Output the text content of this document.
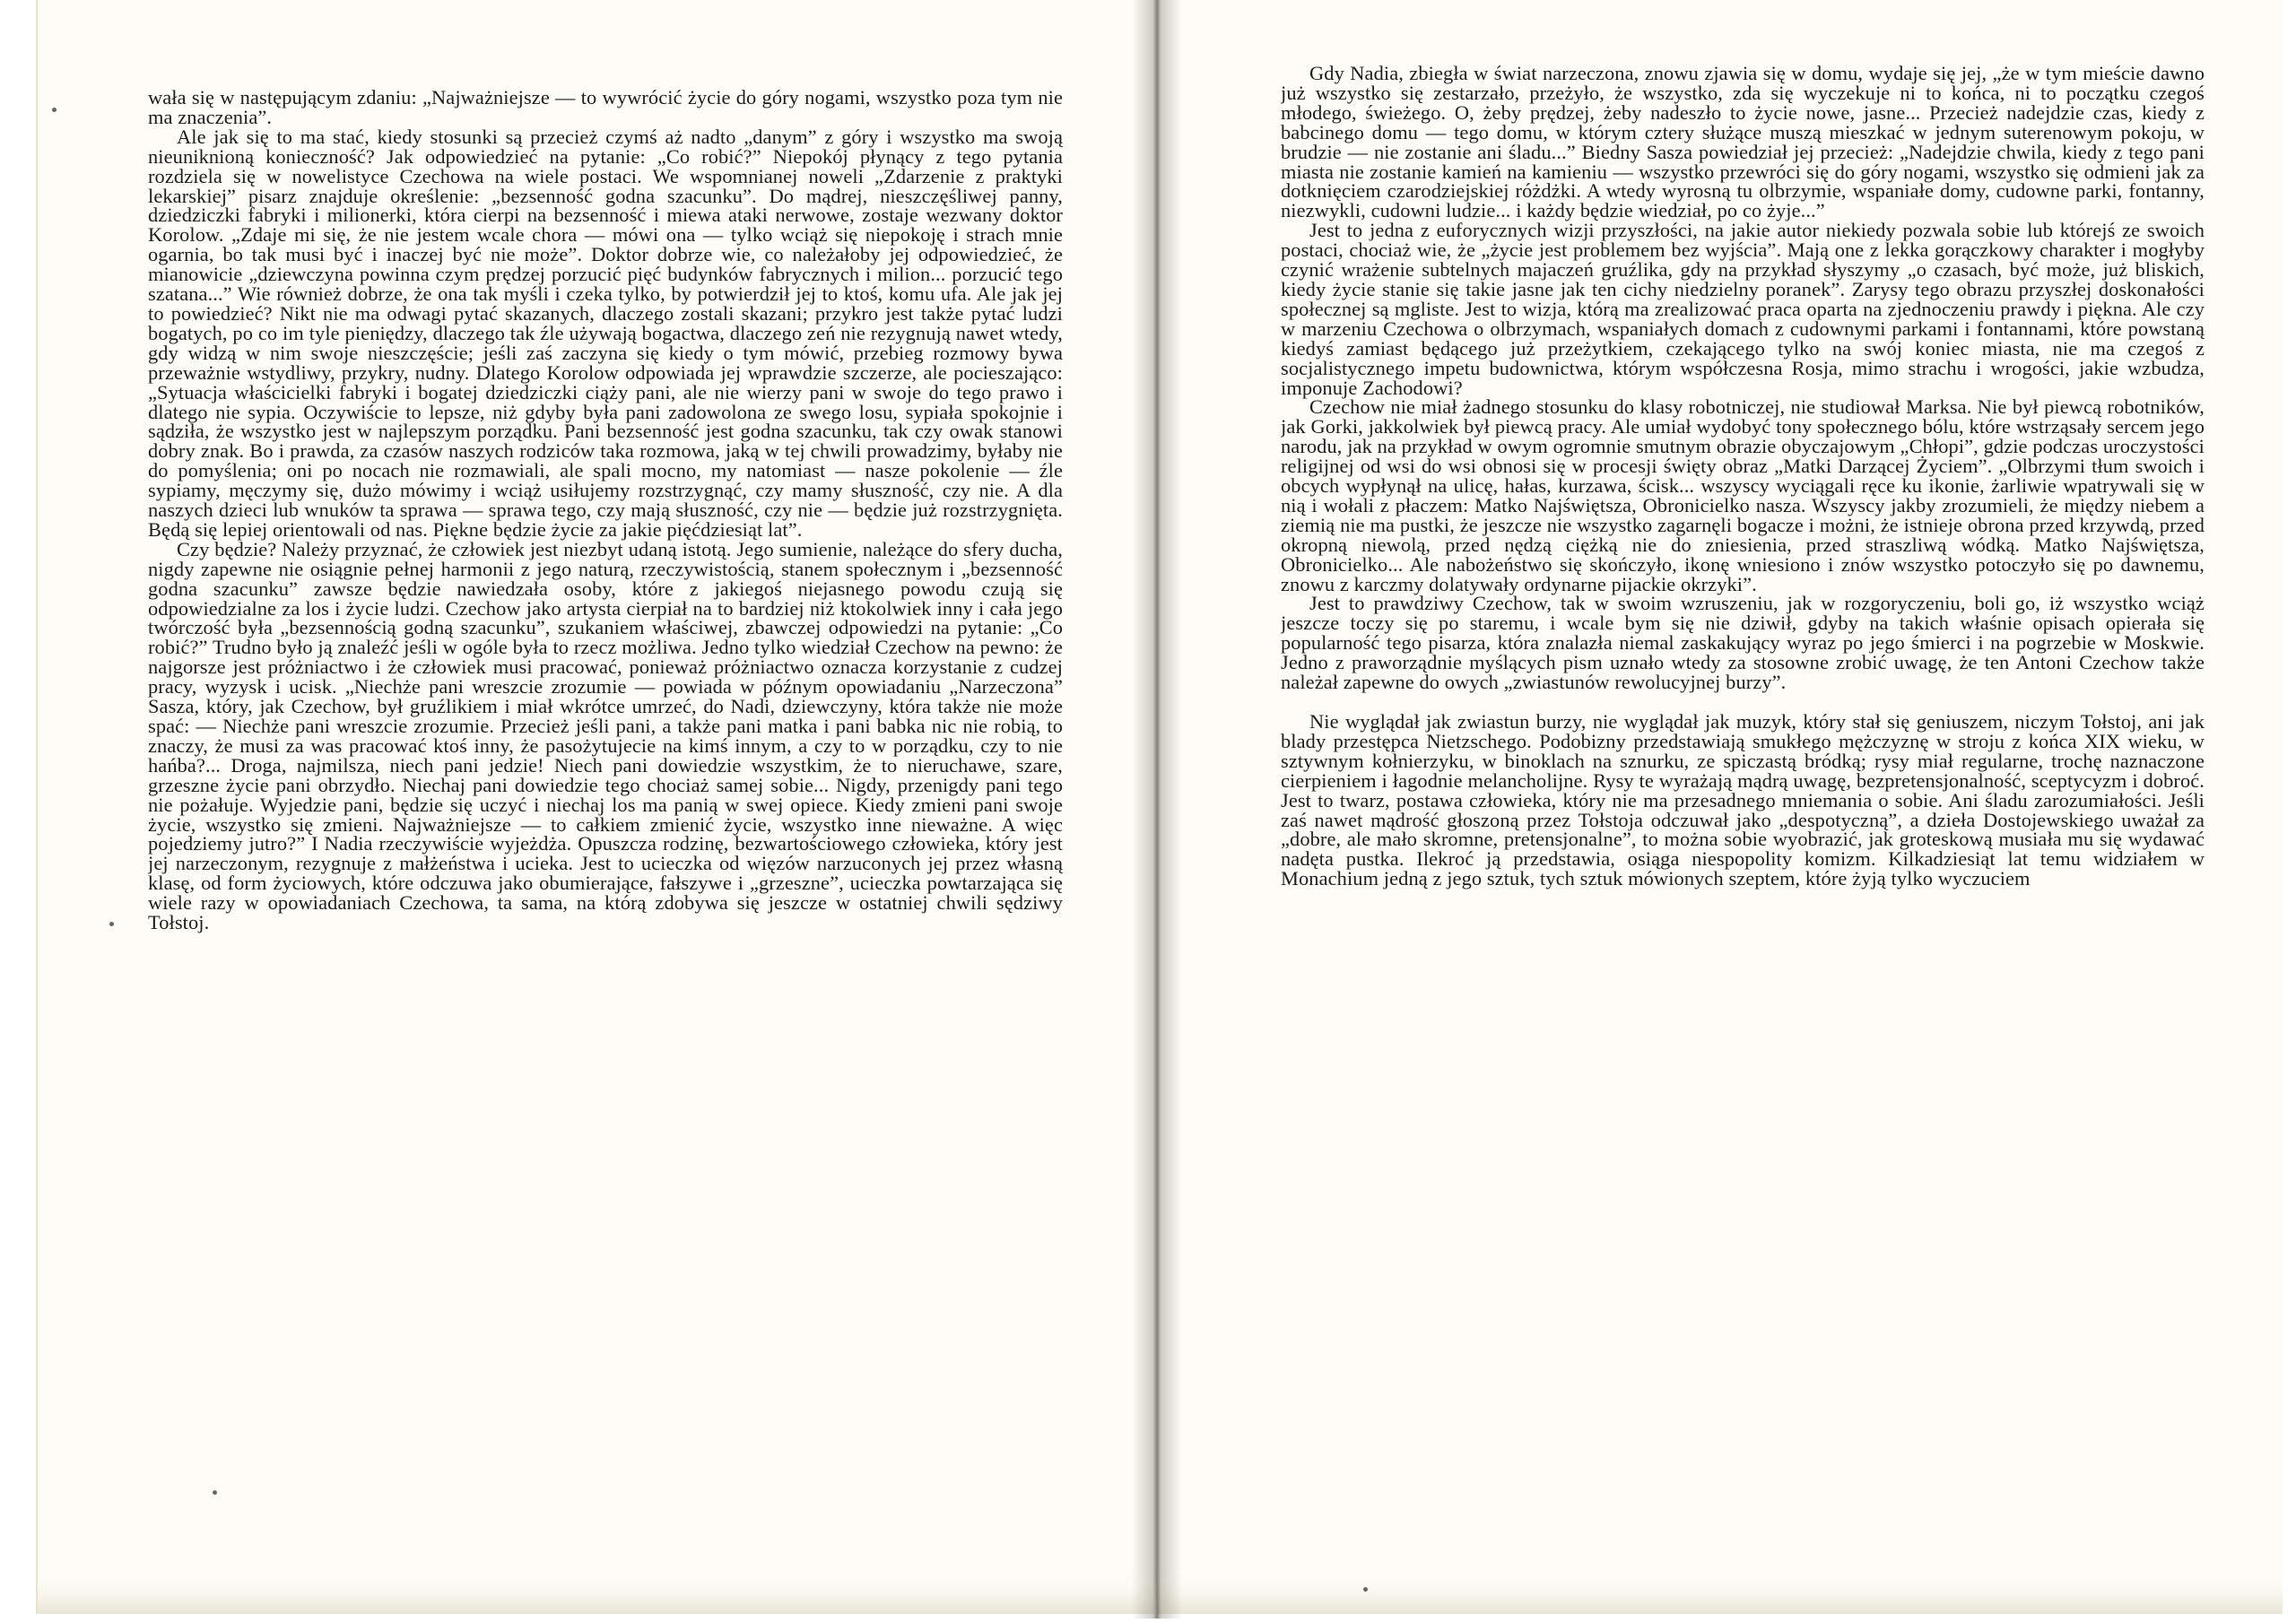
wała się w następującym zdaniu: „Najważniejsze — to wywrócić życie do góry nogami, wszystko poza tym nie ma znaczenia”.

Ale jak się to ma stać, kiedy stosunki są przecież czymś aż nadto „danym” z góry i wszystko ma swoją nieuniknioną konieczność? Jak odpowiedzieć na pytanie: „Co robić?” Niepokój płynący z tego pytania rozdziela się w nowelistyce Czechowa na wiele postaci. We wspomnianej noweli „Zdarzenie z praktyki lekarskiej” pisarz znajduje określenie: „bezsenność godna szacunku”. Do mądrej, nieszczęśliwej panny, dziedziczki fabryki i milionerki, która cierpi na bezsenność i miewa ataki nerwowe, zostaje wezwany doktor Korolow. „Zdaje mi się, że nie jestem wcale chora — mówi ona — tylko wciąż się niepokoję i strach mnie ogarnia, bo tak musi być i inaczej być nie może”. Doktor dobrze wie, co należałoby jej odpowiedzieć, że mianowicie „dziewczyna powinna czym prędzej porzucić pięć budynków fabrycznych i milion... porzucić tego szatana...” Wie również dobrze, że ona tak myśli i czeka tylko, by potwierdził jej to ktoś, komu ufa. Ale jak jej to powiedzieć? Nikt nie ma odwagi pytać skazanych, dlaczego zostali skazani; przykro jest także pytać ludzi bogatych, po co im tyle pieniędzy, dlaczego tak źle używają bogactwa, dlaczego zeń nie rezygnują nawet wtedy, gdy widzą w nim swoje nieszczęście; jeśli zaś zaczyna się kiedy o tym mówić, przebieg rozmowy bywa przeważnie wstydliwy, przykry, nudny. Dlatego Korolow odpowiada jej wprawdzie szczerze, ale pocieszająco: „Sytuacja właścicielki fabryki i bogatej dziedziczki ciąży pani, ale nie wierzy pani w swoje do tego prawo i dlatego nie sypia. Oczywiście to lepsze, niż gdyby była pani zadowolona ze swego losu, sypiała spokojnie i sądziła, że wszystko jest w najlepszym porządku. Pani bezsenność jest godna szacunku, tak czy owak stanowi dobry znak. Bo i prawda, za czasów naszych rodziców taka rozmowa, jaką w tej chwili prowadzimy, byłaby nie do pomyślenia; oni po nocach nie rozmawiali, ale spali mocno, my natomiast — nasze pokolenie — źle sypiamy, męczymy się, dużo mówimy i wciąż usiłujemy rozstrzygnąć, czy mamy słuszność, czy nie. A dla naszych dzieci lub wnuków ta sprawa — sprawa tego, czy mają słuszność, czy nie — będzie już rozstrzygnięta. Będą się lepiej orientowali od nas. Piękne będzie życie za jakie pięćdziesiąt lat”.

Czy będzie? Należy przyznać, że człowiek jest niezbyt udaną istotą. Jego sumienie, należące do sfery ducha, nigdy zapewne nie osiągnie pełnej harmonii z jego naturą, rzeczywistością, stanem społecznym i „bezsenność godna szacunku” zawsze będzie nawiedzała osoby, które z jakiegoś niejasnego powodu czują się odpowiedzialne za los i życie ludzi. Czechow jako artysta cierpiał na to bardziej niż ktokolwiek inny i cała jego twórczość była „bezsennością godną szacunku”, szukaniem właściwej, zbawczej odpowiedzi na pytanie: „Co robić?” Trudno było ją znaleźć jeśli w ogóle była to rzecz możliwa. Jedno tylko wiedział Czechow na pewno: że najgorsze jest próżniactwo i że człowiek musi pracować, ponieważ próżniactwo oznacza korzystanie z cudzej pracy, wyzysk i ucisk. „Niechże pani wreszcie zrozumie — powiada w późnym opowiadaniu „Narzeczona” Sasza, który, jak Czechow, był gruźlikiem i miał wkrótce umrzeć, do Nadi, dziewczyny, która także nie może spać: — Niechże pani wreszcie zrozumie. Przecież jeśli pani, a także pani matka i pani babka nic nie robią, to znaczy, że musi za was pracować ktoś inny, że pasożytujecie na kimś innym, a czy to w porządku, czy to nie hańba?... Droga, najmilsza, niech pani jedzie! Niech pani dowiedzie wszystkim, że to nieruchawe, szare, grzeszne życie pani obrzydło. Niechaj pani dowiedzie tego chociaż samej sobie... Nigdy, przenigdy pani tego nie pożałuje. Wyjedzie pani, będzie się uczyć i niechaj los ma panią w swej opiece. Kiedy zmieni pani swoje życie, wszystko się zmieni. Najważniejsze — to całkiem zmienić życie, wszystko inne nieważne. A więc pojedziemy jutro?” I Nadia rzeczywiście wyjeżdża. Opuszcza rodzinę, bezwartościowego człowieka, który jest jej narzeczonym, rezygnuje z małżeństwa i ucieka. Jest to ucieczka od więzów narzuconych jej przez własną klasę, od form życiowych, które odczuwa jako obumierające, fałszywe i „grzeszne”, ucieczka powtarzająca się wiele razy w opowiadaniach Czechowa, ta sama, na którą zdobywa się jeszcze w ostatniej chwili sędziwy Tołstoj.

Gdy Nadia, zbiegła w świat narzeczona, znowu zjawia się w domu, wydaje się jej, „że w tym mieście dawno już wszystko się zestarzało, przeżyło, że wszystko, zda się wyczekuje ni to końca, ni to początku czegoś młodego, świeżego. O, żeby prędzej, żeby nadeszło to życie nowe, jasne... Przecież nadejdzie czas, kiedy z babcinego domu — tego domu, w którym cztery służące muszą mieszkać w jednym suterenowym pokoju, w brudzie — nie zostanie ani śladu...” Biedny Sasza powiedział jej przecież: „Nadejdzie chwila, kiedy z tego pani miasta nie zostanie kamień na kamieniu — wszystko przewróci się do góry nogami, wszystko się odmieni jak za dotknięciem czarodziejskiej różdżki. A wtedy wyrosną tu olbrzymie, wspaniałe domy, cudowne parki, fontanny, niezwykli, cudowni ludzie... i każdy będzie wiedział, po co żyje...”

Jest to jedna z euforycznych wizji przyszłości, na jakie autor niekiedy pozwala sobie lub którejś ze swoich postaci, chociaż wie, że „życie jest problemem bez wyjścia”. Mają one z lekka gorączkowy charakter i mogłyby czynić wrażenie subtelnych majaczeń gruźlika, gdy na przykład słyszymy „o czasach, być może, już bliskich, kiedy życie stanie się takie jasne jak ten cichy niedzielny poranek”. Zarysy tego obrazu przyszłej doskonałości społecznej są mgliste. Jest to wizja, którą ma zrealizować praca oparta na zjednoczeniu prawdy i piękna. Ale czy w marzeniu Czechowa o olbrzymach, wspaniałych domach z cudownymi parkami i fontannami, które powstaną kiedyś zamiast będącego już przeżytkiem, czekającego tylko na swój koniec miasta, nie ma czegoś z socjalistycznego impetu budownictwa, którym współczesna Rosja, mimo strachu i wrogości, jakie wzbudza, imponuje Zachodowi?

Czechow nie miał żadnego stosunku do klasy robotniczej, nie studiował Marksa. Nie był piewcą robotników, jak Gorki, jakkolwiek był piewcą pracy. Ale umiał wydobyć tony społecznego bólu, które wstrząsały sercem jego narodu, jak na przykład w owym ogromnie smutnym obrazie obyczajowym „Chłopi”, gdzie podczas uroczystości religijnej od wsi do wsi obnosi się w procesji święty obraz „Matki Darzącej Życiem”. „Olbrzymi tłum swoich i obcych wypłynął na ulicę, hałas, kurzawa, ścisk... wszyscy wyciągali ręce ku ikonie, żarliwie wpatrywali się w nią i wołali z płaczem: Matko Najświętsza, Obronicielko nasza. Wszyscy jakby zrozumieli, że między niebem a ziemią nie ma pustki, że jeszcze nie wszystko zagarnęli bogacze i możni, że istnieje obrona przed krzywdą, przed okropną niewolą, przed nędzą ciężką nie do zniesienia, przed straszliwą wódką. Matko Najświętsza, Obronicielko... Ale nabożeństwo się skończyło, ikonę wniesiono i znów wszystko potoczyło się po dawnemu, znowu z karczmy dolatywały ordynarne pijackie okrzyki”.

Jest to prawdziwy Czechow, tak w swoim wzruszeniu, jak w rozgoryczeniu, boli go, iż wszystko wciąż jeszcze toczy się po staremu, i wcale bym się nie dziwił, gdyby na takich właśnie opisach opierała się popularność tego pisarza, która znalazła niemal zaskakujący wyraz po jego śmierci i na pogrzebie w Moskwie. Jedno z praworządnie myślących pism uznało wtedy za stosowne zrobić uwagę, że ten Antoni Czechow także należał zapewne do owych „zwiastunów rewolucyjnej burzy”.

Nie wyglądał jak zwiastun burzy, nie wyglądał jak muzyk, który stał się geniuszem, niczym Tołstoj, ani jak blady przestępca Nietzschego. Podobizny przedstawiają smukłego mężczyznę w stroju z końca XIX wieku, w sztywnym kołnierzyku, w binoklach na sznurku, ze spiczastą bródką; rysy miał regularne, trochę naznaczone cierpieniem i łagodnie melancholijne. Rysy te wyrażają mądrą uwagę, bezpretensjonalność, sceptycyzm i dobroć. Jest to twarz, postawa człowieka, który nie ma przesadnego mniemania o sobie. Ani śladu zarozumiałości. Jeśli zaś nawet mądrość głoszoną przez Tołstoja odczuwał jako „despotyczną”, a dzieła Dostojewskiego uważał za „dobre, ale mało skromne, pretensjonalne”, to można sobie wyobrazić, jak groteskową musiała mu się wydawać nadęta pustka. Ilekroć ją przedstawia, osiąga niespopolity komizm. Kilkadziesiąt lat temu widziałem w Monachium jedną z jego sztuk, tych sztuk mówionych szeptem, które żyją tylko wyczuciem
